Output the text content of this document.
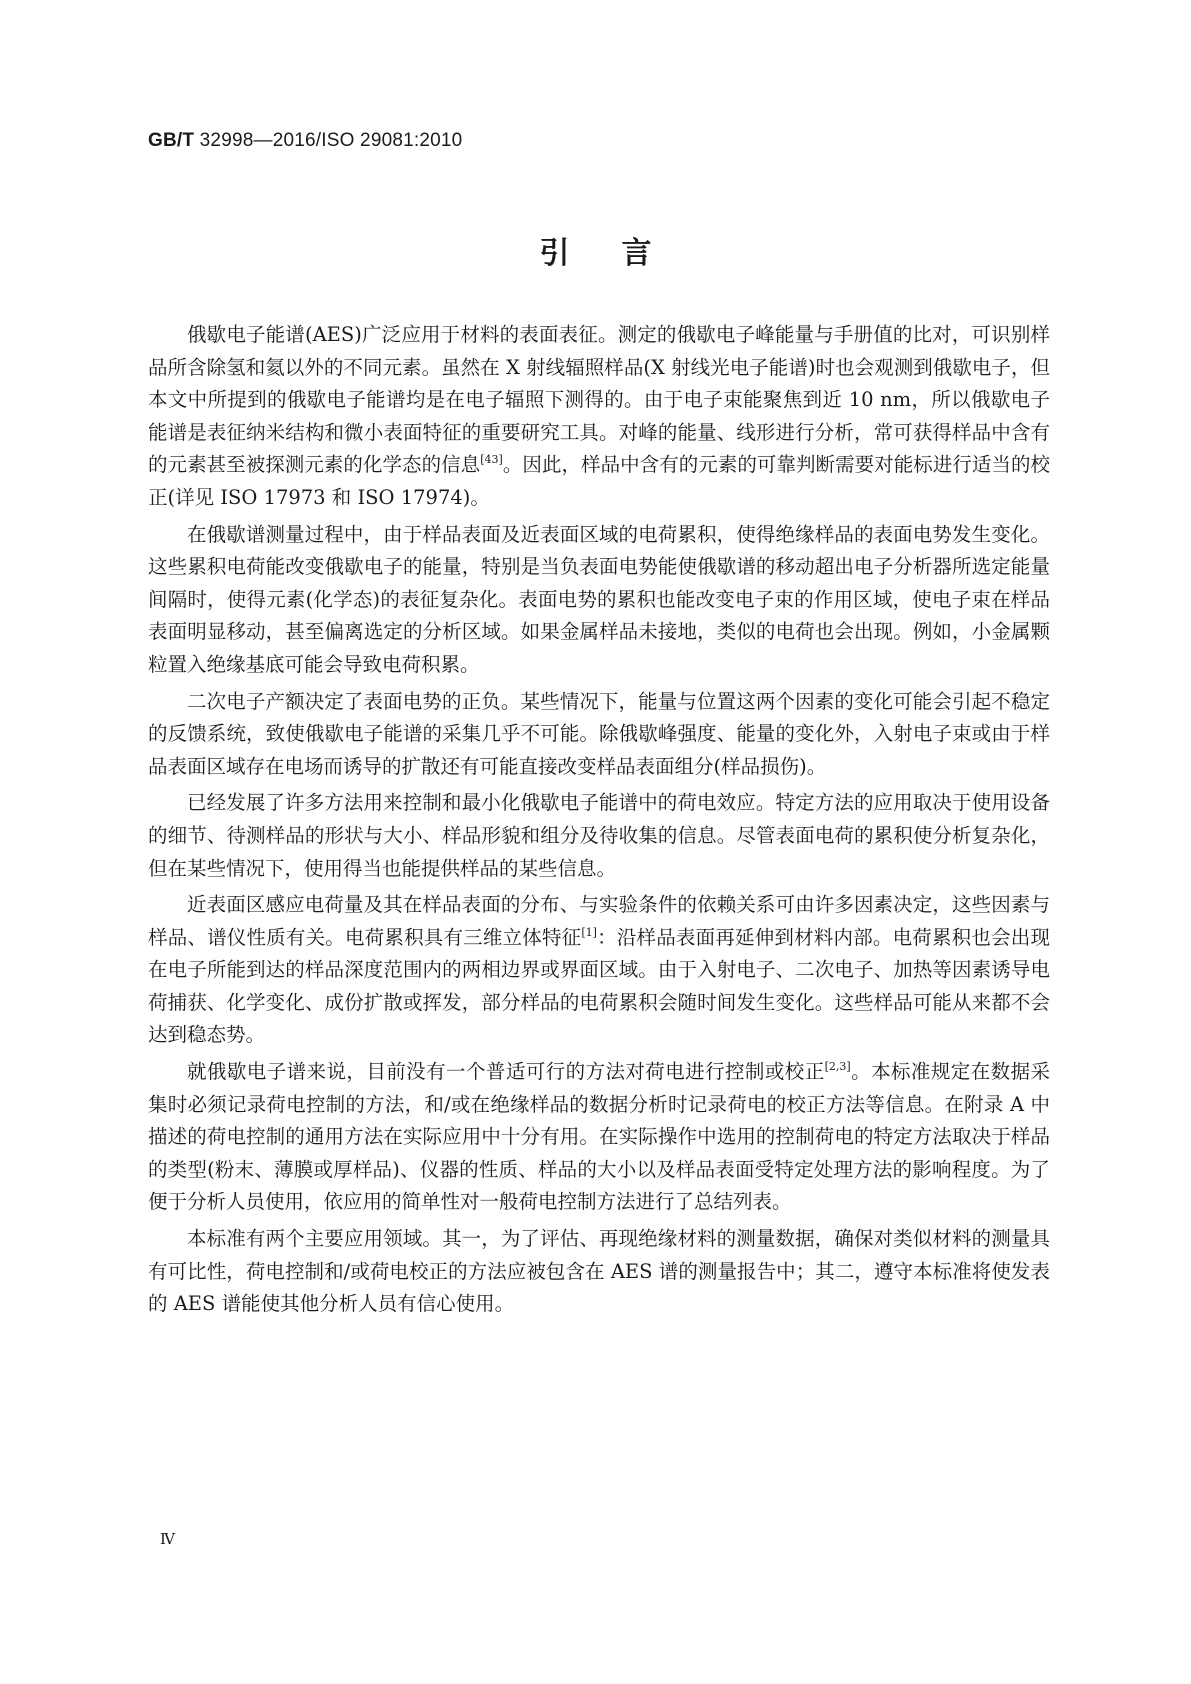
GB/T 32998—2016/ISO 29081:2010
引言

俄歇电子能谱(AES)广泛应用于材料的表面表征。测定的俄歇电子峰能量与手册值的比对，可识别样品所含除氢和氦以外的不同元素。虽然在 X 射线辐照样品(X 射线光电子能谱)时也会观测到俄歇电子，但本文中所提到的俄歇电子能谱均是在电子辐照下测得的。由于电子束能聚焦到近 10 nm，所以俄歇电子能谱是表征纳米结构和微小表面特征的重要研究工具。对峰的能量、线形进行分析，常可获得样品中含有的元素甚至被探测元素的化学态的信息[43]。因此，样品中含有的元素的可靠判断需要对能标进行适当的校正(详见 ISO 17973 和 ISO 17974)。

在俄歇谱测量过程中，由于样品表面及近表面区域的电荷累积，使得绝缘样品的表面电势发生变化。这些累积电荷能改变俄歇电子的能量，特别是当负表面电势能使俄歇谱的移动超出电子分析器所选定能量间隔时，使得元素(化学态)的表征复杂化。表面电势的累积也能改变电子束的作用区域，使电子束在样品表面明显移动，甚至偏离选定的分析区域。如果金属样品未接地，类似的电荷也会出现。例如，小金属颗粒置入绝缘基底可能会导致电荷积累。

二次电子产额决定了表面电势的正负。某些情况下，能量与位置这两个因素的变化可能会引起不稳定的反馈系统，致使俄歇电子能谱的采集几乎不可能。除俄歇峰强度、能量的变化外，入射电子束或由于样品表面区域存在电场而诱导的扩散还有可能直接改变样品表面组分(样品损伤)。

已经发展了许多方法用来控制和最小化俄歇电子能谱中的荷电效应。特定方法的应用取决于使用设备的细节、待测样品的形状与大小、样品形貌和组分及待收集的信息。尽管表面电荷的累积使分析复杂化，但在某些情况下，使用得当也能提供样品的某些信息。

近表面区感应电荷量及其在样品表面的分布、与实验条件的依赖关系可由许多因素决定，这些因素与样品、谱仪性质有关。电荷累积具有三维立体特征[1]：沿样品表面再延伸到材料内部。电荷累积也会出现在电子所能到达的样品深度范围内的两相边界或界面区域。由于入射电子、二次电子、加热等因素诱导电荷捕获、化学变化、成份扩散或挥发，部分样品的电荷累积会随时间发生变化。这些样品可能从来都不会达到稳态势。

就俄歇电子谱来说，目前没有一个普适可行的方法对荷电进行控制或校正[2,3]。本标准规定在数据采集时必须记录荷电控制的方法，和/或在绝缘样品的数据分析时记录荷电的校正方法等信息。在附录 A 中描述的荷电控制的通用方法在实际应用中十分有用。在实际操作中选用的控制荷电的特定方法取决于样品的类型(粉末、薄膜或厚样品)、仪器的性质、样品的大小以及样品表面受特定处理方法的影响程度。为了便于分析人员使用，依应用的简单性对一般荷电控制方法进行了总结列表。

本标准有两个主要应用领域。其一，为了评估、再现绝缘材料的测量数据，确保对类似材料的测量具有可比性，荷电控制和/或荷电校正的方法应被包含在 AES 谱的测量报告中；其二，遵守本标准将使发表的 AES 谱能使其他分析人员有信心使用。

Ⅳ
